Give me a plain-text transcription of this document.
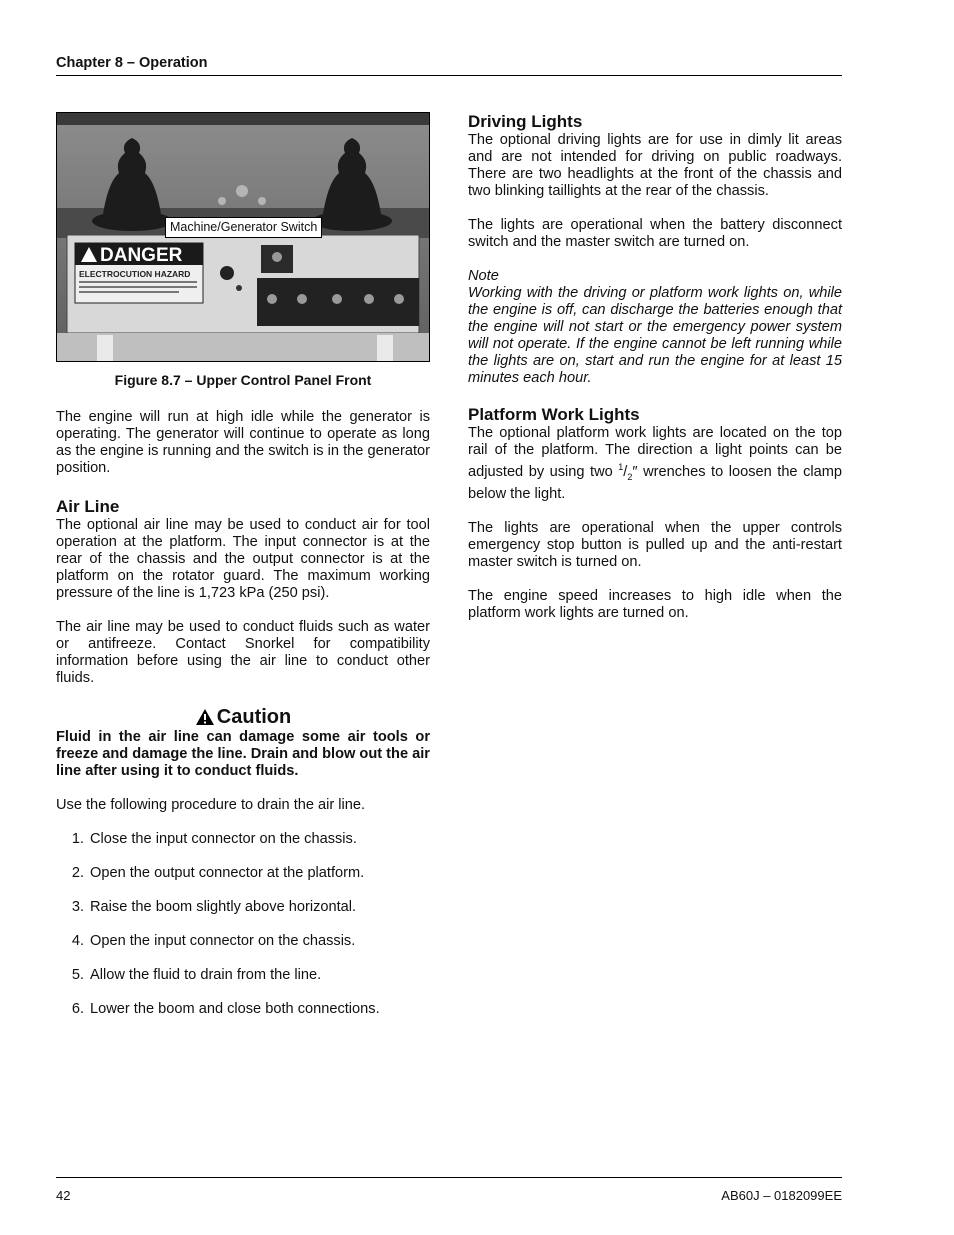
Chapter 8 – Operation
DANGER
ELECTROCUTION HAZARD
Machine/Generator Switch
Figure 8.7 – Upper Control Panel Front

The engine will run at high idle while the generator is operating. The generator will continue to operate as long as the engine is running and the switch is in the generator position.

Air Line

The optional air line may be used to conduct air for tool operation at the platform. The input connector is at the rear of the chassis and the output connector is at the platform on the rotator guard. The maximum working pressure of the line is 1,723 kPa (250 psi).

The air line may be used to conduct fluids such as water or antifreeze. Contact Snorkel for compatibility information before using the air line to conduct other fluids.

Caution

Fluid in the air line can damage some air tools or freeze and damage the line. Drain and blow out the air line after using it to conduct fluids.

Use the following procedure to drain the air line.

1. Close the input connector on the chassis.
2. Open the output connector at the platform.
3. Raise the boom slightly above horizontal.
4. Open the input connector on the chassis.
5. Allow the fluid to drain from the line.
6. Lower the boom and close both connections.
Driving Lights

The optional driving lights are for use in dimly lit areas and are not intended for driving on public roadways. There are two headlights at the front of the chassis and two blinking taillights at the rear of the chassis.

The lights are operational when the battery disconnect switch and the master switch are turned on.

Note

Working with the driving or platform work lights on, while the engine is off, can discharge the batteries enough that the engine will not start or the emergency power system will not operate. If the engine cannot be left running while the lights are on, start and run the engine for at least 15 minutes each hour.

Platform Work Lights

The optional platform work lights are located on the top rail of the platform. The direction a light points can be adjusted by using two $^1/_2''$ wrenches to loosen the clamp below the light.

The lights are operational when the upper controls emergency stop button is pulled up and the anti-restart master switch is turned on.

The engine speed increases to high idle when the platform work lights are turned on.

42	AB60J – 0182099EE
